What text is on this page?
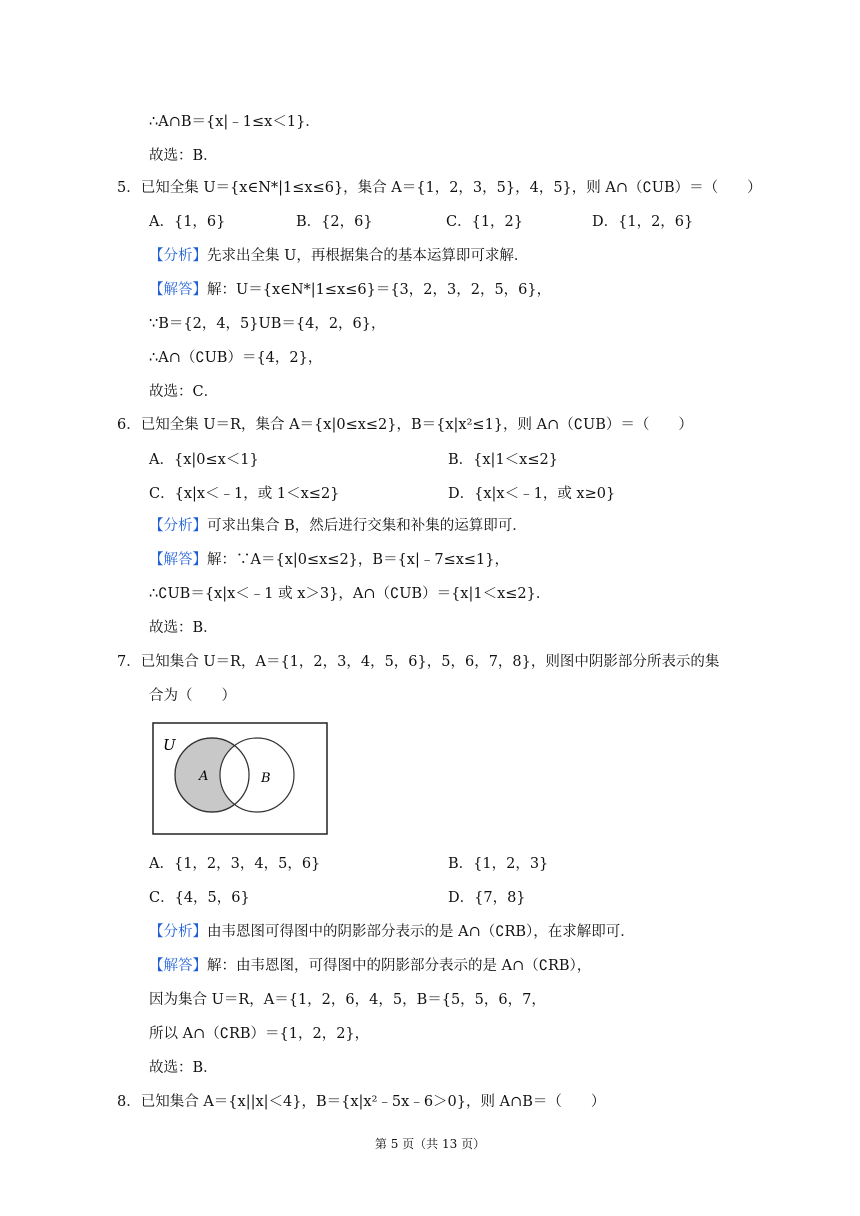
∴A∩B＝{x|﹣1≤x＜1}．
故选：B．
5．已知全集 U＝{x∈N*|1≤x≤6}，集合 A＝{1，2，3，5}，4，5}，则 A∩（∁UB）＝（　　）
A．{1，6}	B．{2，6}	C．{1，2}	D．{1，2，6}
【分析】先求出全集 U，再根据集合的基本运算即可求解．
【解答】解：U＝{x∈N*|1≤x≤6}＝{3，2，3，2，5，6}，
∵B＝{2，4，5}UB＝{4，2，6}，
∴A∩（∁UB）＝{4，2}，
故选：C．
6．已知全集 U＝R，集合 A＝{x|0≤x≤2}，B＝{x|x²≤1}，则 A∩（∁UB）＝（　　）
A．{x|0≤x＜1}	B．{x|1＜x≤2}
C．{x|x＜﹣1，或 1＜x≤2}	D．{x|x＜﹣1，或 x≥0}
【分析】可求出集合 B，然后进行交集和补集的运算即可．
【解答】解：∵A＝{x|0≤x≤2}，B＝{x|﹣7≤x≤1}，
∴∁UB＝{x|x＜﹣1 或 x＞3}，A∩（∁UB）＝{x|1＜x≤2}．
故选：B．
7．已知集合 U＝R，A＝{1，2，3，4，5，6}，5，6，7，8}，则图中阴影部分所表示的集
合为（　　）
U
A	B
A．{1，2，3，4，5，6}	B．{1，2，3}
C．{4，5，6}	D．{7，8}
【分析】由韦恩图可得图中的阴影部分表示的是 A∩（∁RB），在求解即可．
【解答】解：由韦恩图，可得图中的阴影部分表示的是 A∩（∁RB），
因为集合 U＝R，A＝{1，2，6，4，5，B＝{5，5，6，7，
所以 A∩（∁RB）＝{1，2，2}，
故选：B．
8．已知集合 A＝{x||x|＜4}，B＝{x|x²﹣5x﹣6＞0}，则 A∩B＝（　　）
第 5 页（共 13 页）
